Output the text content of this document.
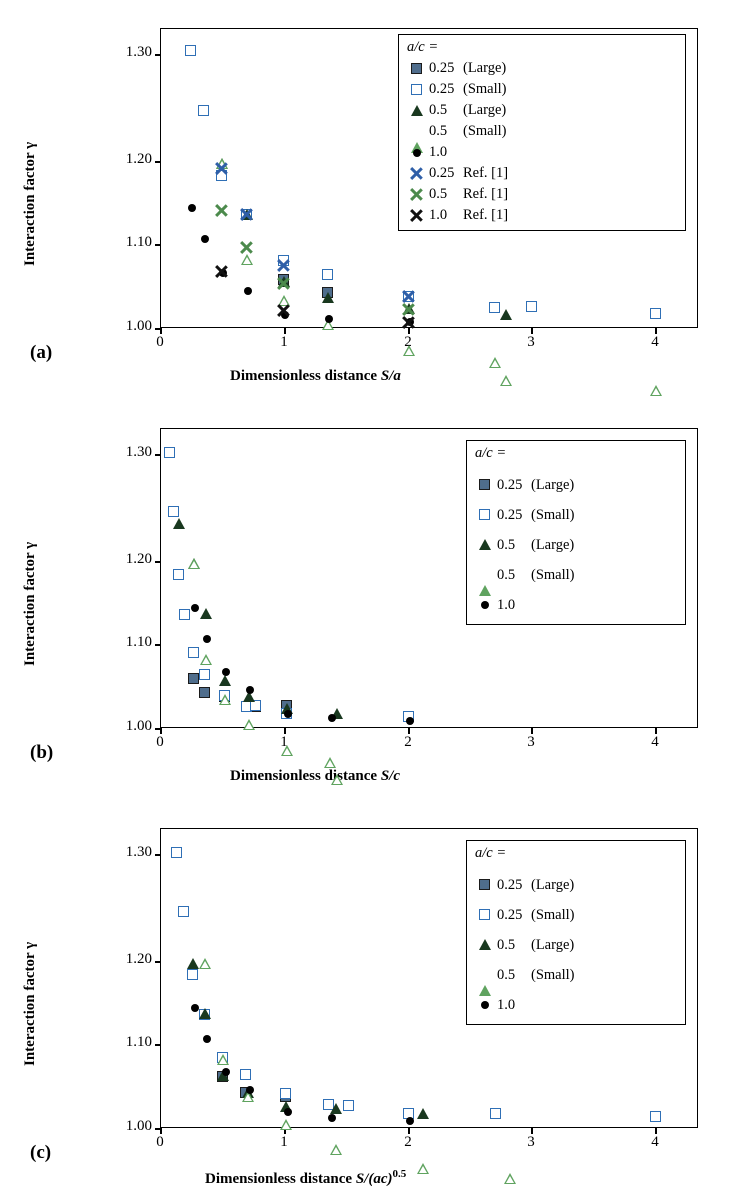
Interaction factor γ
Dimensionless distance S/a
(a)
1.00
1.10
1.20
1.30
0	1	2	3	4
a/c =
0.25 (Large)
0.25 (Small)
0.5	(Large)
0.5	(Small)
1.0
0.25 Ref. [1]
0.5	Ref. [1]
1.0	Ref. [1]
Interaction factor γ
Dimensionless distance S/c
(b)
1.00
1.10
1.20
1.30
0	1	2	3	4
a/c =
0.25 (Large)
0.25 (Small)
0.5	(Large)
0.5	(Small)
1.0
Interaction factor γ
Dimensionless distance S/(ac)$^{0.5}$
(c)
1.00
1.10
1.20
1.30
0	1	2	3	4
a/c =
0.25 (Large)
0.25 (Small)
0.5	(Large)
0.5	(Small)
1.0
